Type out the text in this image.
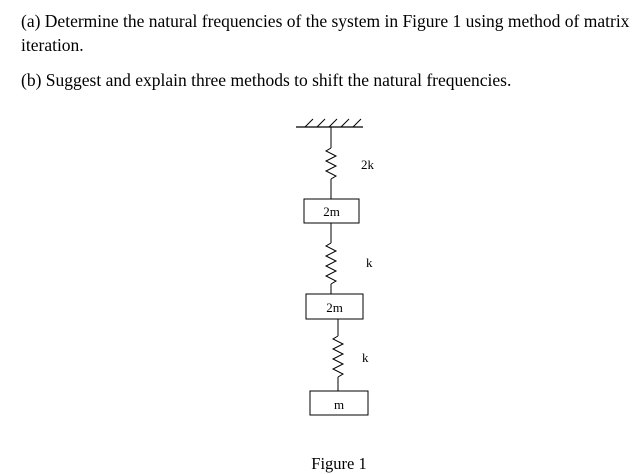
(a) Determine the natural frequencies of the system in Figure 1 using method of matrix iteration.

(b) Suggest and explain three methods to shift the natural frequencies.

2k
2m
k
2m
k
m
Figure 1
